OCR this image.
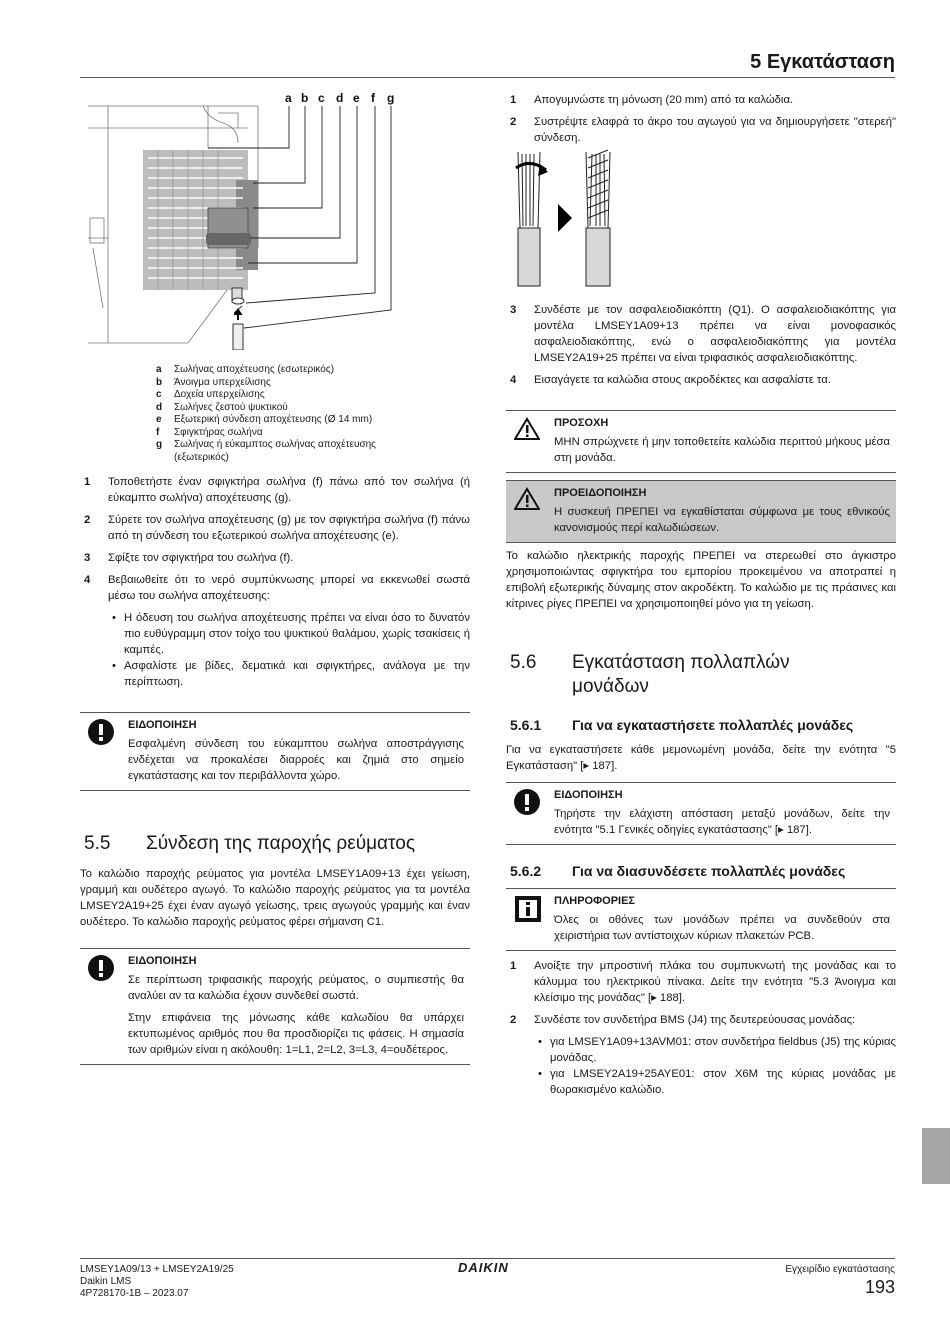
5 Εγκατάσταση
a b c d e f g
a Σωλήνας αποχέτευσης (εσωτερικός)
b Άνοιγμα υπερχείλισης
c Δοχεία υπερχείλισης
d Σωλήνες ζεστού ψυκτικού
e Εξωτερική σύνδεση αποχέτευσης (Ø 14 mm)
f Σφιγκτήρας σωλήνα
g Σωλήνας ή εύκαμπτος σωλήνας αποχέτευσης (εξωτερικός)
1 Τοποθετήστε έναν σφιγκτήρα σωλήνα (f) πάνω από τον σωλήνα (ή εύκαμπτο σωλήνα) αποχέτευσης (g).
2 Σύρετε τον σωλήνα αποχέτευσης (g) με τον σφιγκτήρα σωλήνα (f) πάνω από τη σύνδεση του εξωτερικού σωλήνα αποχέτευσης (e).
3 Σφίξτε τον σφιγκτήρα του σωλήνα (f).
4 Βεβαιωθείτε ότι το νερό συμπύκνωσης μπορεί να εκκενωθεί σωστά μέσω του σωλήνα αποχέτευσης:
• Η όδευση του σωλήνα αποχέτευσης πρέπει να είναι όσο το δυνατόν πιο ευθύγραμμη στον τοίχο του ψυκτικού θαλάμου, χωρίς τσακίσεις ή καμπές.
• Ασφαλίστε με βίδες, δεματικά και σφιγκτήρες, ανάλογα με την περίπτωση.
ΕΙΔΟΠΟΙΗΣΗ

Εσφαλμένη σύνδεση του εύκαμπτου σωλήνα αποστράγγισης ενδέχεται να προκαλέσει διαρροές και ζημιά στο σημείο εγκατάστασης και τον περιβάλλοντα χώρο.

5.5 Σύνδεση της παροχής ρεύματος
Το καλώδιο παροχής ρεύματος για μοντέλα LMSEY1A09+13 έχει γείωση, γραμμή και ουδέτερο αγωγό. Το καλώδιο παροχής ρεύματος για τα μοντέλα LMSEY2A19+25 έχει έναν αγωγό γείωσης, τρεις αγωγούς γραμμής και έναν ουδέτερο. Το καλώδιο παροχής ρεύματος φέρει σήμανση C1.
ΕΙΔΟΠΟΙΗΣΗ

Σε περίπτωση τριφασικής παροχής ρεύματος, ο συμπιεστής θα αναλύει αν τα καλώδια έχουν συνδεθεί σωστά.

Στην επιφάνεια της μόνωσης κάθε καλωδίου θα υπάρχει εκτυπωμένος αριθμός που θα προσδιορίζει τις φάσεις. Η σημασία των αριθμών είναι η ακόλουθη: 1=L1, 2=L2, 3=L3, 4=ουδέτερος.

1 Απογυμνώστε τη μόνωση (20 mm) από τα καλώδια.
2 Συστρέψτε ελαφρά το άκρο του αγωγού για να δημιουργήσετε "στερεή" σύνδεση.
3 Συνδέστε με τον ασφαλειοδιακόπτη (Q1). Ο ασφαλειοδιακόπτης για μοντέλα LMSEY1A09+13 πρέπει να είναι μονοφασικός ασφαλειοδιακόπτης, ενώ ο ασφαλειοδιακόπτης για μοντέλα LMSEY2A19+25 πρέπει να είναι τριφασικός ασφαλειοδιακόπτης.
4 Εισαγάγετε τα καλώδια στους ακροδέκτες και ασφαλίστε τα.
ΠΡΟΣΟΧΗ

ΜΗΝ σπρώχνετε ή μην τοποθετείτε καλώδια περιττού μήκους μέσα στη μονάδα.

ΠΡΟΕΙΔΟΠΟΙΗΣΗ

Η συσκευή ΠΡΕΠΕΙ να εγκαθίσταται σύμφωνα με τους εθνικούς κανονισμούς περί καλωδιώσεων.

Το καλώδιο ηλεκτρικής παροχής ΠΡΕΠΕΙ να στερεωθεί στο άγκιστρο χρησιμοποιώντας σφιγκτήρα του εμπορίου προκειμένου να αποτραπεί η επιβολή εξωτερικής δύναμης στον ακροδέκτη. Το καλώδιο με τις πράσινες και κίτρινες ρίγες ΠΡΕΠΕΙ να χρησιμοποιηθεί μόνο για τη γείωση.
5.6 Εγκατάσταση πολλαπλών
μονάδων
5.6.1 Για να εγκαταστήσετε πολλαπλές μονάδες
Για να εγκαταστήσετε κάθε μεμονωμένη μονάδα, δείτε την ενότητα "5 Εγκατάσταση" [▸ 187].
ΕΙΔΟΠΟΙΗΣΗ

Τηρήστε την ελάχιστη απόσταση μεταξύ μονάδων, δείτε την ενότητα "5.1 Γενικές οδηγίες εγκατάστασης" [▸ 187].

5.6.2 Για να διασυνδέσετε πολλαπλές μονάδες
ΠΛΗΡΟΦΟΡΙΕΣ

Όλες οι οθόνες των μονάδων πρέπει να συνδεθούν στα χειριστήρια των αντίστοιχων κύριων πλακετών PCB.

1 Ανοίξτε την μπροστινή πλάκα του συμπυκνωτή της μονάδας και το κάλυμμα του ηλεκτρικού πίνακα. Δείτε την ενότητα "5.3 Άνοιγμα και κλείσιμο της μονάδας" [▸ 188].
2 Συνδέστε τον συνδετήρα BMS (J4) της δευτερεύουσας μονάδας:
• για LMSEY1A09+13AVM01: στον συνδετήρα fieldbus (J5) της κύριας μονάδας.
• για LMSEY2A19+25AYE01: στον X6M της κύριας μονάδας με θωρακισμένο καλώδιο.
LMSEY1A09/13 + LMSEY2A19/25
Daikin LMS
4P728170-1B – 2023.07
DAIKIN	Εγχειρίδιο εγκατάστασης
193
